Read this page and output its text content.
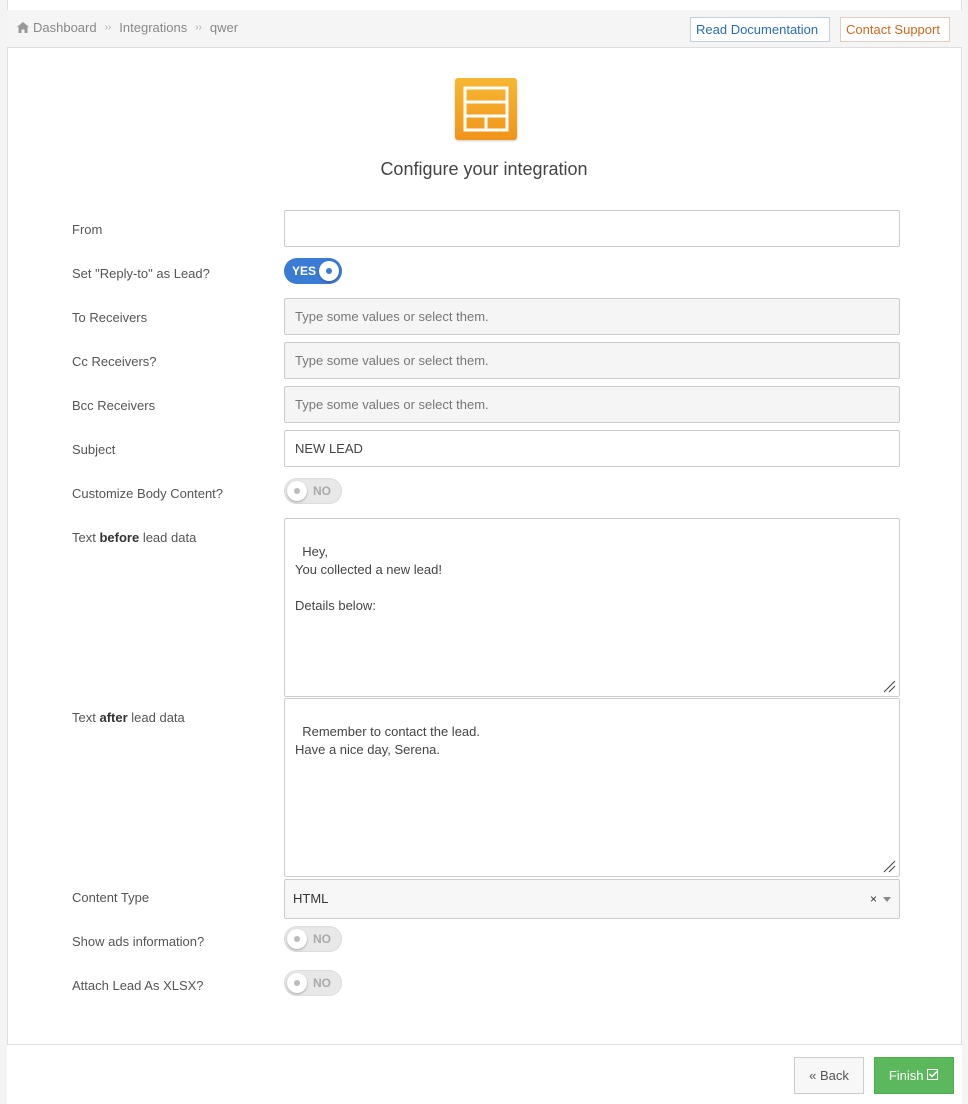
Dashboard ›› Integrations ›› qwer	Read Documentation	Contact Support
Configure your integration
From
Set "Reply-to" as Lead?	YES
To Receivers	Type some values or select them.
Cc Receivers?	Type some values or select them.
Bcc Receivers	Type some values or select them.
Subject	NEW LEAD
Customize Body Content?	NO
Text before lead data

Hey,
You collected a new lead!

Details below:

Text after lead data

Remember to contact the lead.
Have a nice day, Serena.

Content Type	HTML	×
Show ads information?	NO
Attach Lead As XLSX?	NO
« Back	Finish
